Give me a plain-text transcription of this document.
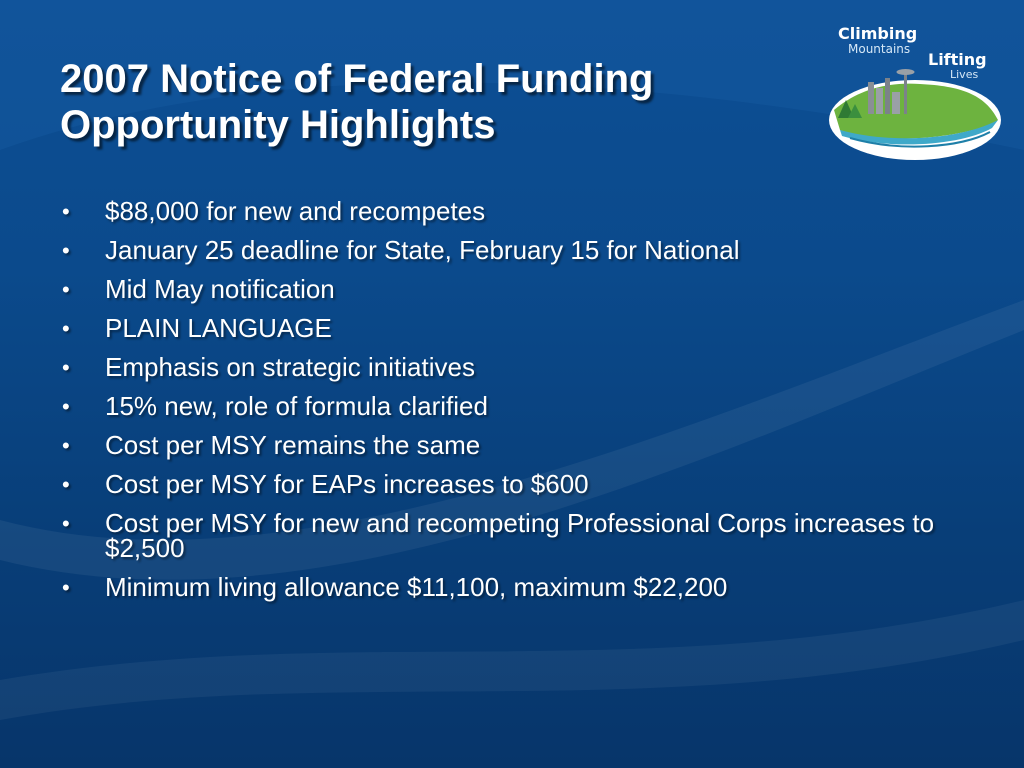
2007 Notice of Federal Funding
Opportunity Highlights
Climbing
Mountains
Lifting
Lives
• $88,000 for new and recompetes
• January 25 deadline for State, February 15 for National
• Mid May notification
• PLAIN LANGUAGE
• Emphasis on strategic initiatives
• 15% new, role of formula clarified
• Cost per MSY remains the same
• Cost per MSY for EAPs increases to $600
• Cost per MSY for new and recompeting Professional Corps increases to $2,500
• Minimum living allowance $11,100, maximum $22,200
